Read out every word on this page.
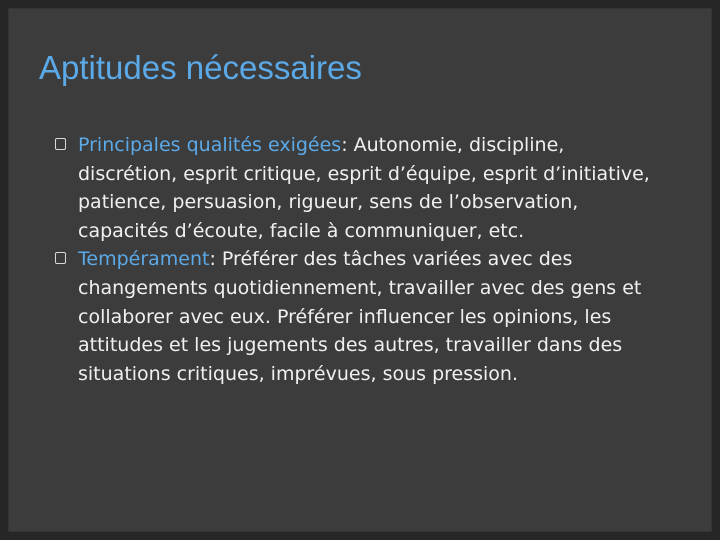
Aptitudes nécessaires
Principales qualités exigées: Autonomie, discipline, discrétion, esprit critique, esprit d’équipe, esprit d’initiative, patience, persuasion, rigueur, sens de l’observation, capacités d’écoute, facile à communiquer, etc.
Tempérament: Préférer des tâches variées avec des changements quotidiennement, travailler avec des gens et collaborer avec eux. Préférer influencer les opinions, les attitudes et les jugements des autres, travailler dans des situations critiques, imprévues, sous pression.
